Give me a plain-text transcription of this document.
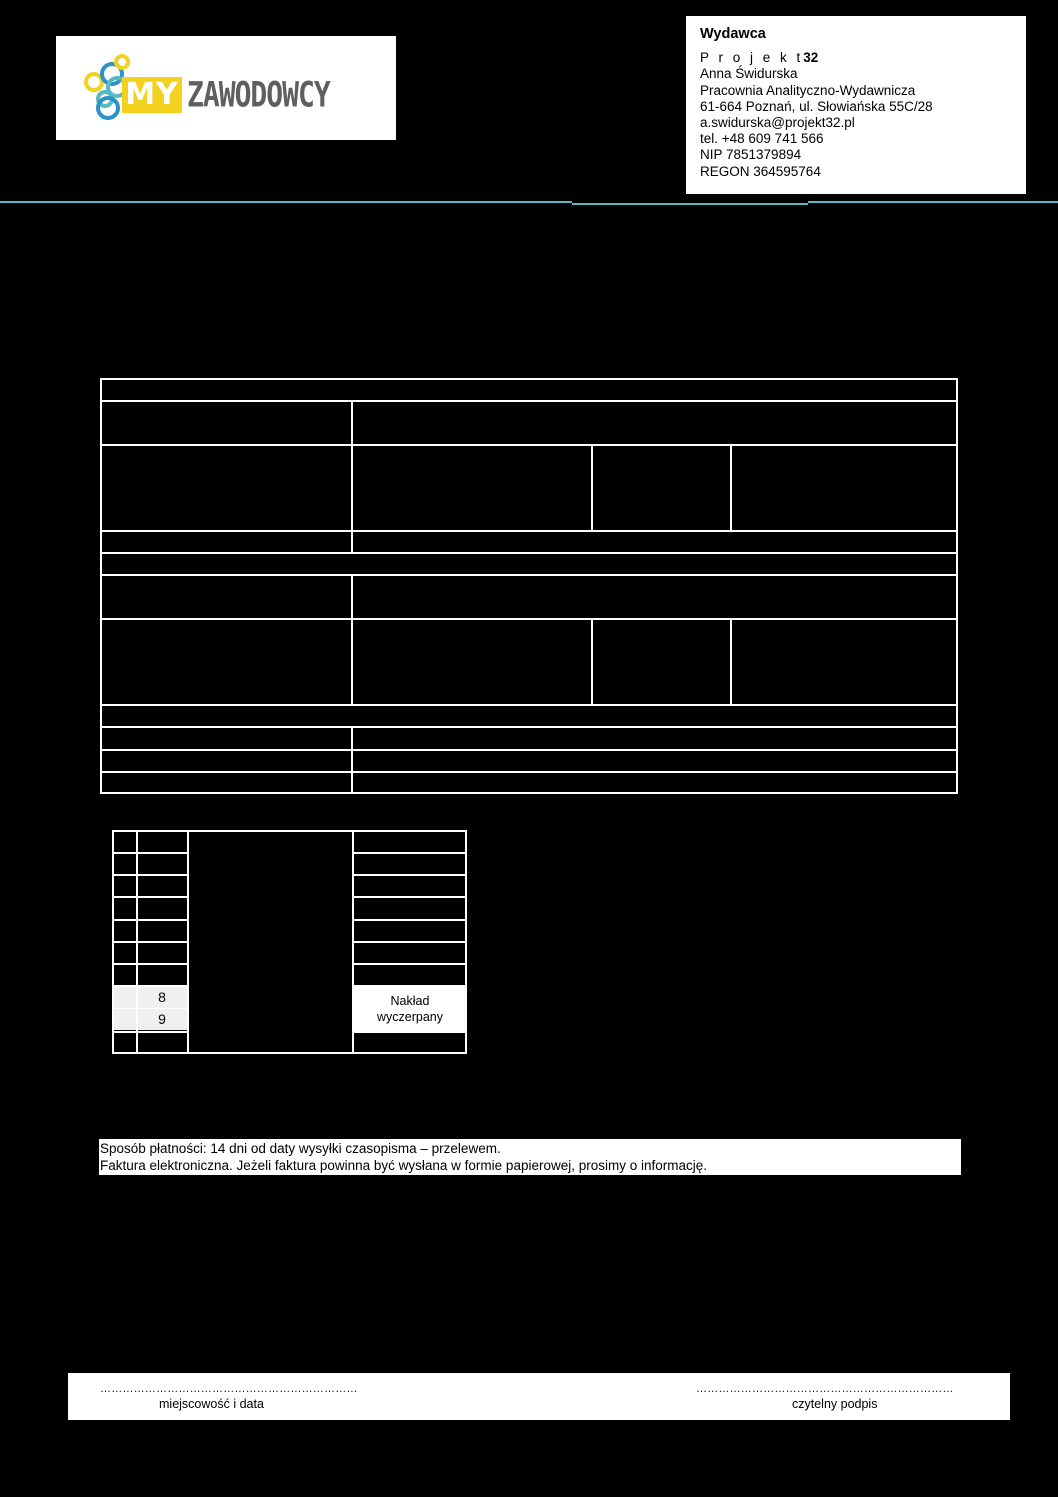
MY ZAWODOWCY
Wydawca
P r o j e k t32
Anna Świdurska
Pracownia Analityczno-Wydawnicza
61-664 Poznań, ul. Słowiańska 55C/28
a.swidurska@projekt32.pl
tel. +48 609 741 566
NIP 7851379894
REGON 364595764
8
9
Nakład
wyczerpany
Sposób płatności: 14 dni od daty wysyłki czasopisma – przelewem.
Faktura elektroniczna. Jeżeli faktura powinna być wysłana w formie papierowej, prosimy o informację.
……………………………………………………………
miejscowość i data
……………………………………………………………
czytelny podpis
